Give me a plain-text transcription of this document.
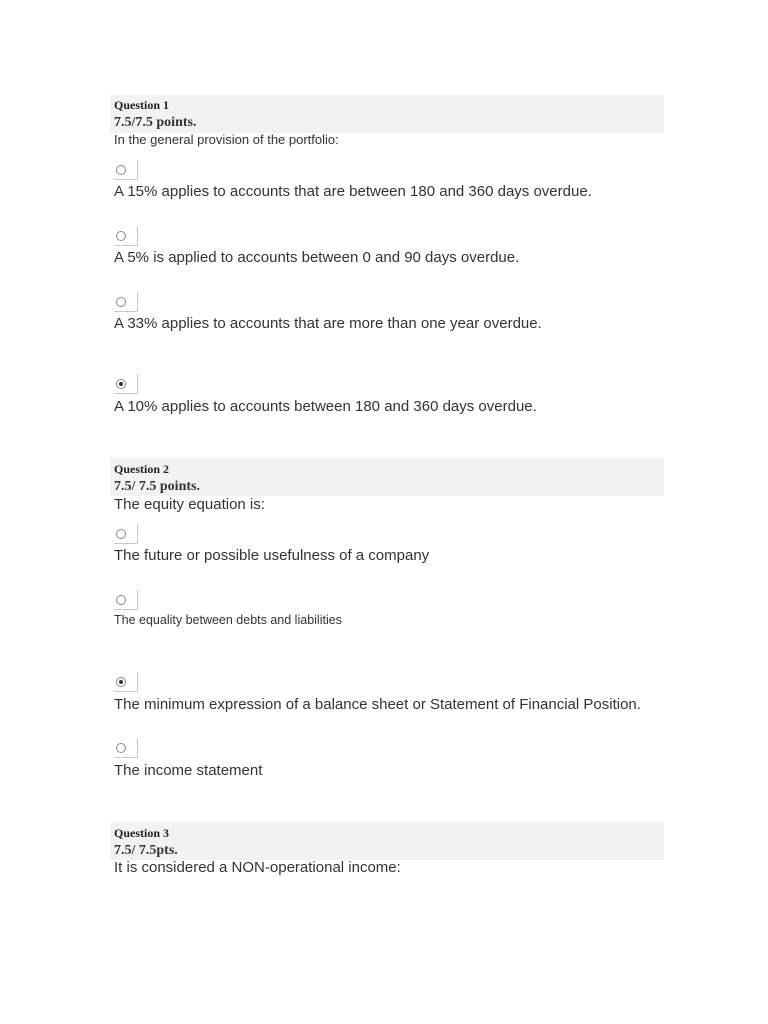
Question 1
7.5/7.5 points.
In the general provision of the portfolio:
A 15% applies to accounts that are between 180 and 360 days overdue.
A 5% is applied to accounts between 0 and 90 days overdue.
A 33% applies to accounts that are more than one year overdue.
A 10% applies to accounts between 180 and 360 days overdue.
Question 2
7.5/ 7.5 points.
The equity equation is:
The future or possible usefulness of a company
The equality between debts and liabilities
The minimum expression of a balance sheet or Statement of Financial Position.
The income statement
Question 3
7.5/ 7.5pts.
It is considered a NON-operational income:
